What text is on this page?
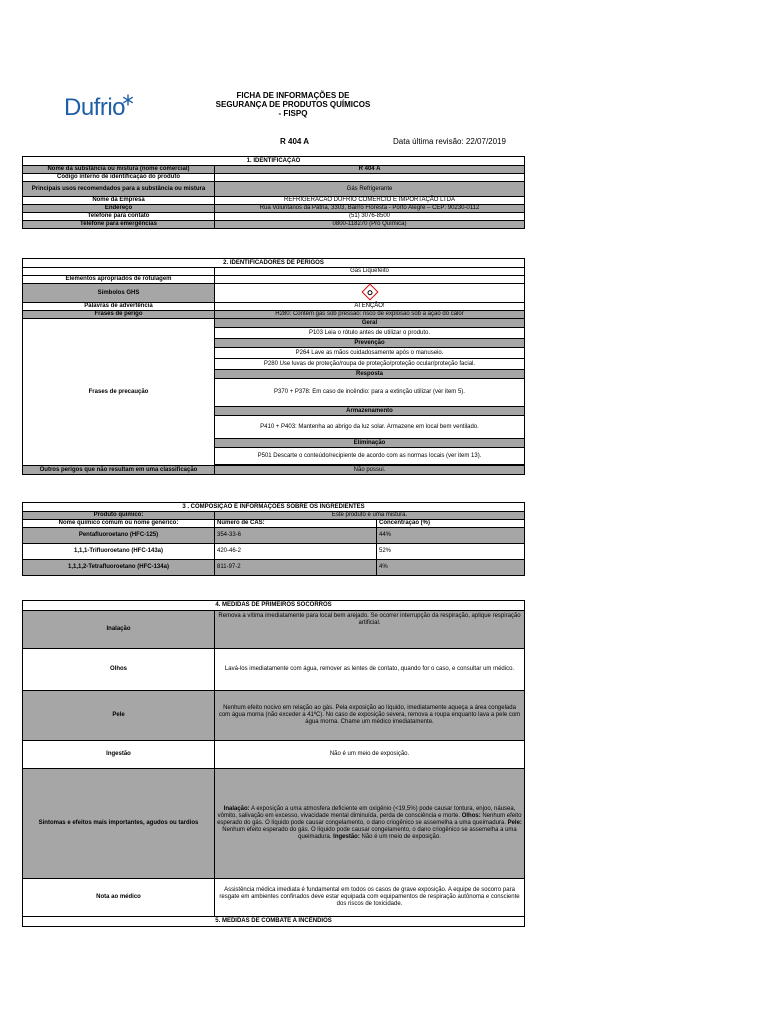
Dufrio	FICHA DE INFORMAÇÕES DE
SEGURANÇA DE PRODUTOS QUÍMICOS
- FISPQ
R 404 A	Data última revisão: 22/07/2019
1. IDENTIFICAÇÃO	
Nome da substância ou mistura (nome comercial)	R 404 A
Código interno de identificação do produto	
Principais usos recomendados para a substância ou mistura	Gás Refrigerante
Nome da Empresa	REFRIGERACAO DUFRIO COMERCIO E IMPORTAÇÃO LTDA
Endereço	Rua Voluntários da Pátria, 3303, Bairro Floresta - Porto Alegre – CEP: 90230-0112
Telefone para contato	(51) 3076-8500
Telefone para emergências	0800-118270 (Pró Química)
2. IDENTIFICADORES DE PERIGOS	
	Gás Liquefeito
Elementos apropriados de rotulagem	
Símbolos GHS	
Palavras de advertência	ATENÇÃO!
Frases de perigo	H280: Contém gás sob pressão: risco de explosão sob a ação do calor
Frases de precaução	Geral
	P103 Leia o rótulo antes de utilizar o produto.
	Prevenção
	P264 Lave as mãos cuidadosamente após o manuseio.
	P280 Use luvas de proteção/roupa de proteção/proteção ocular/proteção facial.
	Resposta
	P370 + P378: Em caso de incêndio: para a extinção utilizar (ver item 5).
	Armazenamento
	P410 + P403: Mantenha ao abrigo da luz solar. Armazene em local bem ventilado.
	Eliminação
	P501 Descarte o conteúdo/recipiente de acordo com as normas locais (ver item 13).

Outros perigos que não resultam em uma classificação	Não possui.
3 . COMPOSIÇÃO E INFORMAÇÕES SOBRE OS INGREDIENTES		
Produto químico:	Este produto é uma mistura.	
Nome químico comum ou nome genérico:	Número de CAS:	Concentração (%)
Pentafluoroetano (HFC-125)	354-33-6	44%
1,1,1-Trifluoroetano (HFC-143a)	420-46-2	52%
1,1,1,2-Tetrafluoroetano (HFC-134a)	811-97-2	4%
4. MEDIDAS DE PRIMEIROS SOCORROS	
Inalação	Remova a vítima imediatamente para local bem arejado. Se ocorrer interrupção da respiração, aplique respiração artificial.
Olhos	Lavá-los imediatamente com água, remover as lentes de contato, quando for o caso, e consultar um médico.
Pele	Nenhum efeito nocivo em relação ao gás. Pela exposição ao líquido, imediatamente aqueça a área congelada com água morna (não exceder a 41ºC). No caso de exposição severa, remova a roupa enquanto lava a pele com água morna. Chame um médico imediatamente.
Ingestão	Não é um meio de exposição.
Sintomas e efeitos mais importantes, agudos ou tardios	Inalação: A exposição a uma atmosfera deficiente em oxigênio (<19,5%) pode causar tontura, enjoo, náusea, vômito, salivação em excesso, vivacidade mental diminuída, perda de consciência e morte. Olhos: Nenhum efeito esperado do gás. O líquido pode causar congelamento, o dano criogênico se assemelha a uma queimadura. Pele: Nenhum efeito esperado do gás. O líquido pode causar congelamento, o dano criogênico se assemelha a uma queimadura. Ingestão: Não é um meio de exposição.
Nota ao médico	Assistência médica imediata é fundamental em todos os casos de grave exposição. A equipe de socorro para resgate em ambientes confinados deve estar equipada com equipamentos de respiração autônoma e consciente dos riscos de toxicidade.
5. MEDIDAS DE COMBATE A INCÊNDIOS	
